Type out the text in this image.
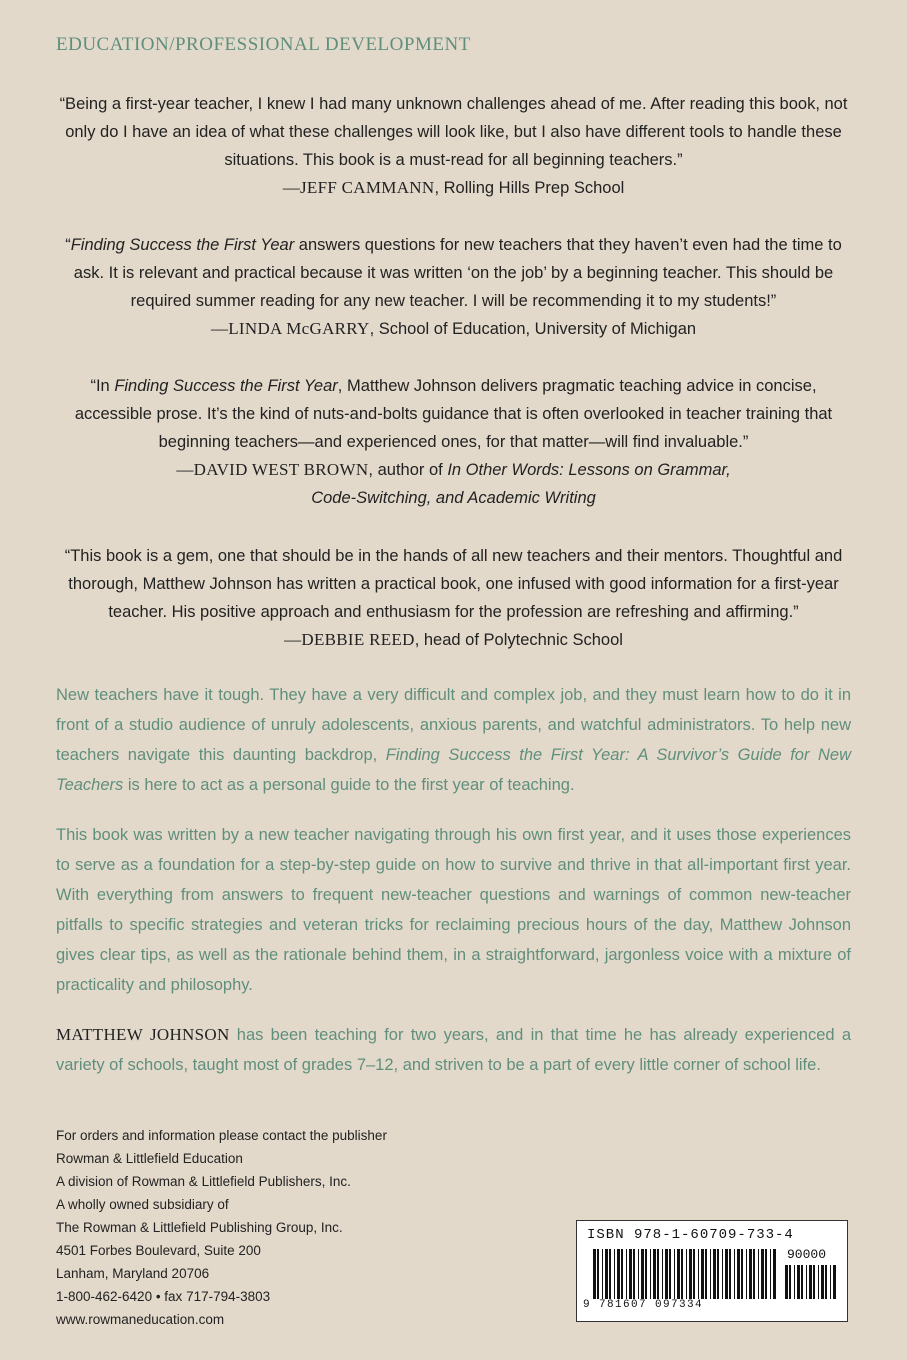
EDUCATION/PROFESSIONAL DEVELOPMENT
“Being a first-year teacher, I knew I had many unknown challenges ahead of me. After reading this book, not only do I have an idea of what these challenges will look like, but I also have different tools to handle these situations. This book is a must-read for all beginning teachers.”
—JEFF CAMMANN, Rolling Hills Prep School
“Finding Success the First Year answers questions for new teachers that they haven’t even had the time to ask. It is relevant and practical because it was written ‘on the job’ by a beginning teacher. This should be required summer reading for any new teacher. I will be recommending it to my students!”
—LINDA McGARRY, School of Education, University of Michigan
“In Finding Success the First Year, Matthew Johnson delivers pragmatic teaching advice in concise, accessible prose. It’s the kind of nuts-and-bolts guidance that is often overlooked in teacher training that beginning teachers—and experienced ones, for that matter—will find invaluable.”
—DAVID WEST BROWN, author of In Other Words: Lessons on Grammar,
Code-Switching, and Academic Writing
“This book is a gem, one that should be in the hands of all new teachers and their mentors. Thoughtful and thorough, Matthew Johnson has written a practical book, one infused with good information for a first-year teacher. His positive approach and enthusiasm for the profession are refreshing and affirming.”
—DEBBIE REED, head of Polytechnic School
New teachers have it tough. They have a very difficult and complex job, and they must learn how to do it in front of a studio audience of unruly adolescents, anxious parents, and watchful administrators. To help new teachers navigate this daunting backdrop, Finding Success the First Year: A Survivor’s Guide for New Teachers is here to act as a personal guide to the first year of teaching.
This book was written by a new teacher navigating through his own first year, and it uses those experiences to serve as a foundation for a step-by-step guide on how to survive and thrive in that all-important first year. With everything from answers to frequent new-teacher questions and warnings of common new-teacher pitfalls to specific strategies and veteran tricks for reclaiming precious hours of the day, Matthew Johnson gives clear tips, as well as the rationale behind them, in a straightforward, jargonless voice with a mixture of practicality and philosophy.
MATTHEW JOHNSON has been teaching for two years, and in that time he has already experienced a variety of schools, taught most of grades 7–12, and striven to be a part of every little corner of school life.
For orders and information please contact the publisher
Rowman & Littlefield Education
A division of Rowman & Littlefield Publishers, Inc.
A wholly owned subsidiary of
The Rowman & Littlefield Publishing Group, Inc.
4501 Forbes Boulevard, Suite 200
Lanham, Maryland 20706
1-800-462-6420 • fax 717-794-3803
www.rowmaneducation.com
ISBN 978-1-60709-733-4
90000
9 781607 097334
